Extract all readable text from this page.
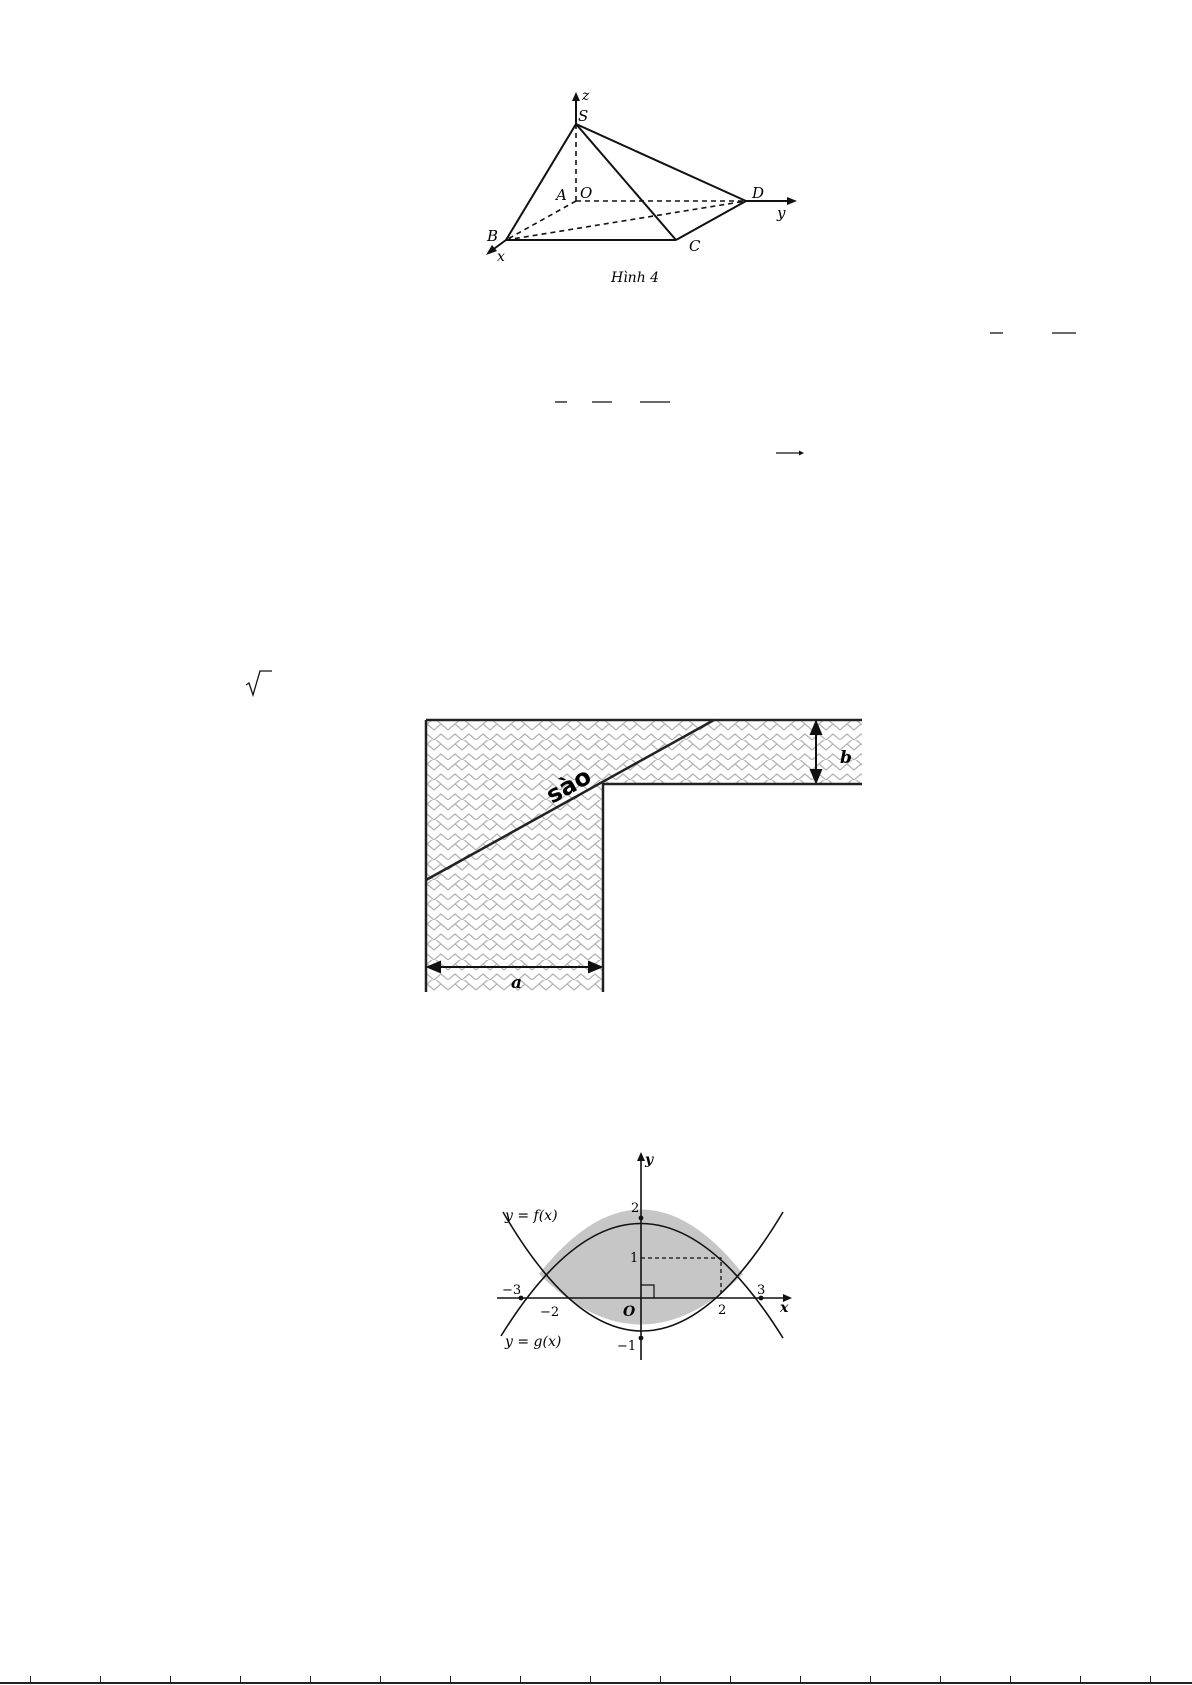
z
S
A O	D
y
B
x
C
Hình 4
b
a
sào
y
x
O
y = f(x)
y = g(x)
−3
−2	2
3
2
1
−1
